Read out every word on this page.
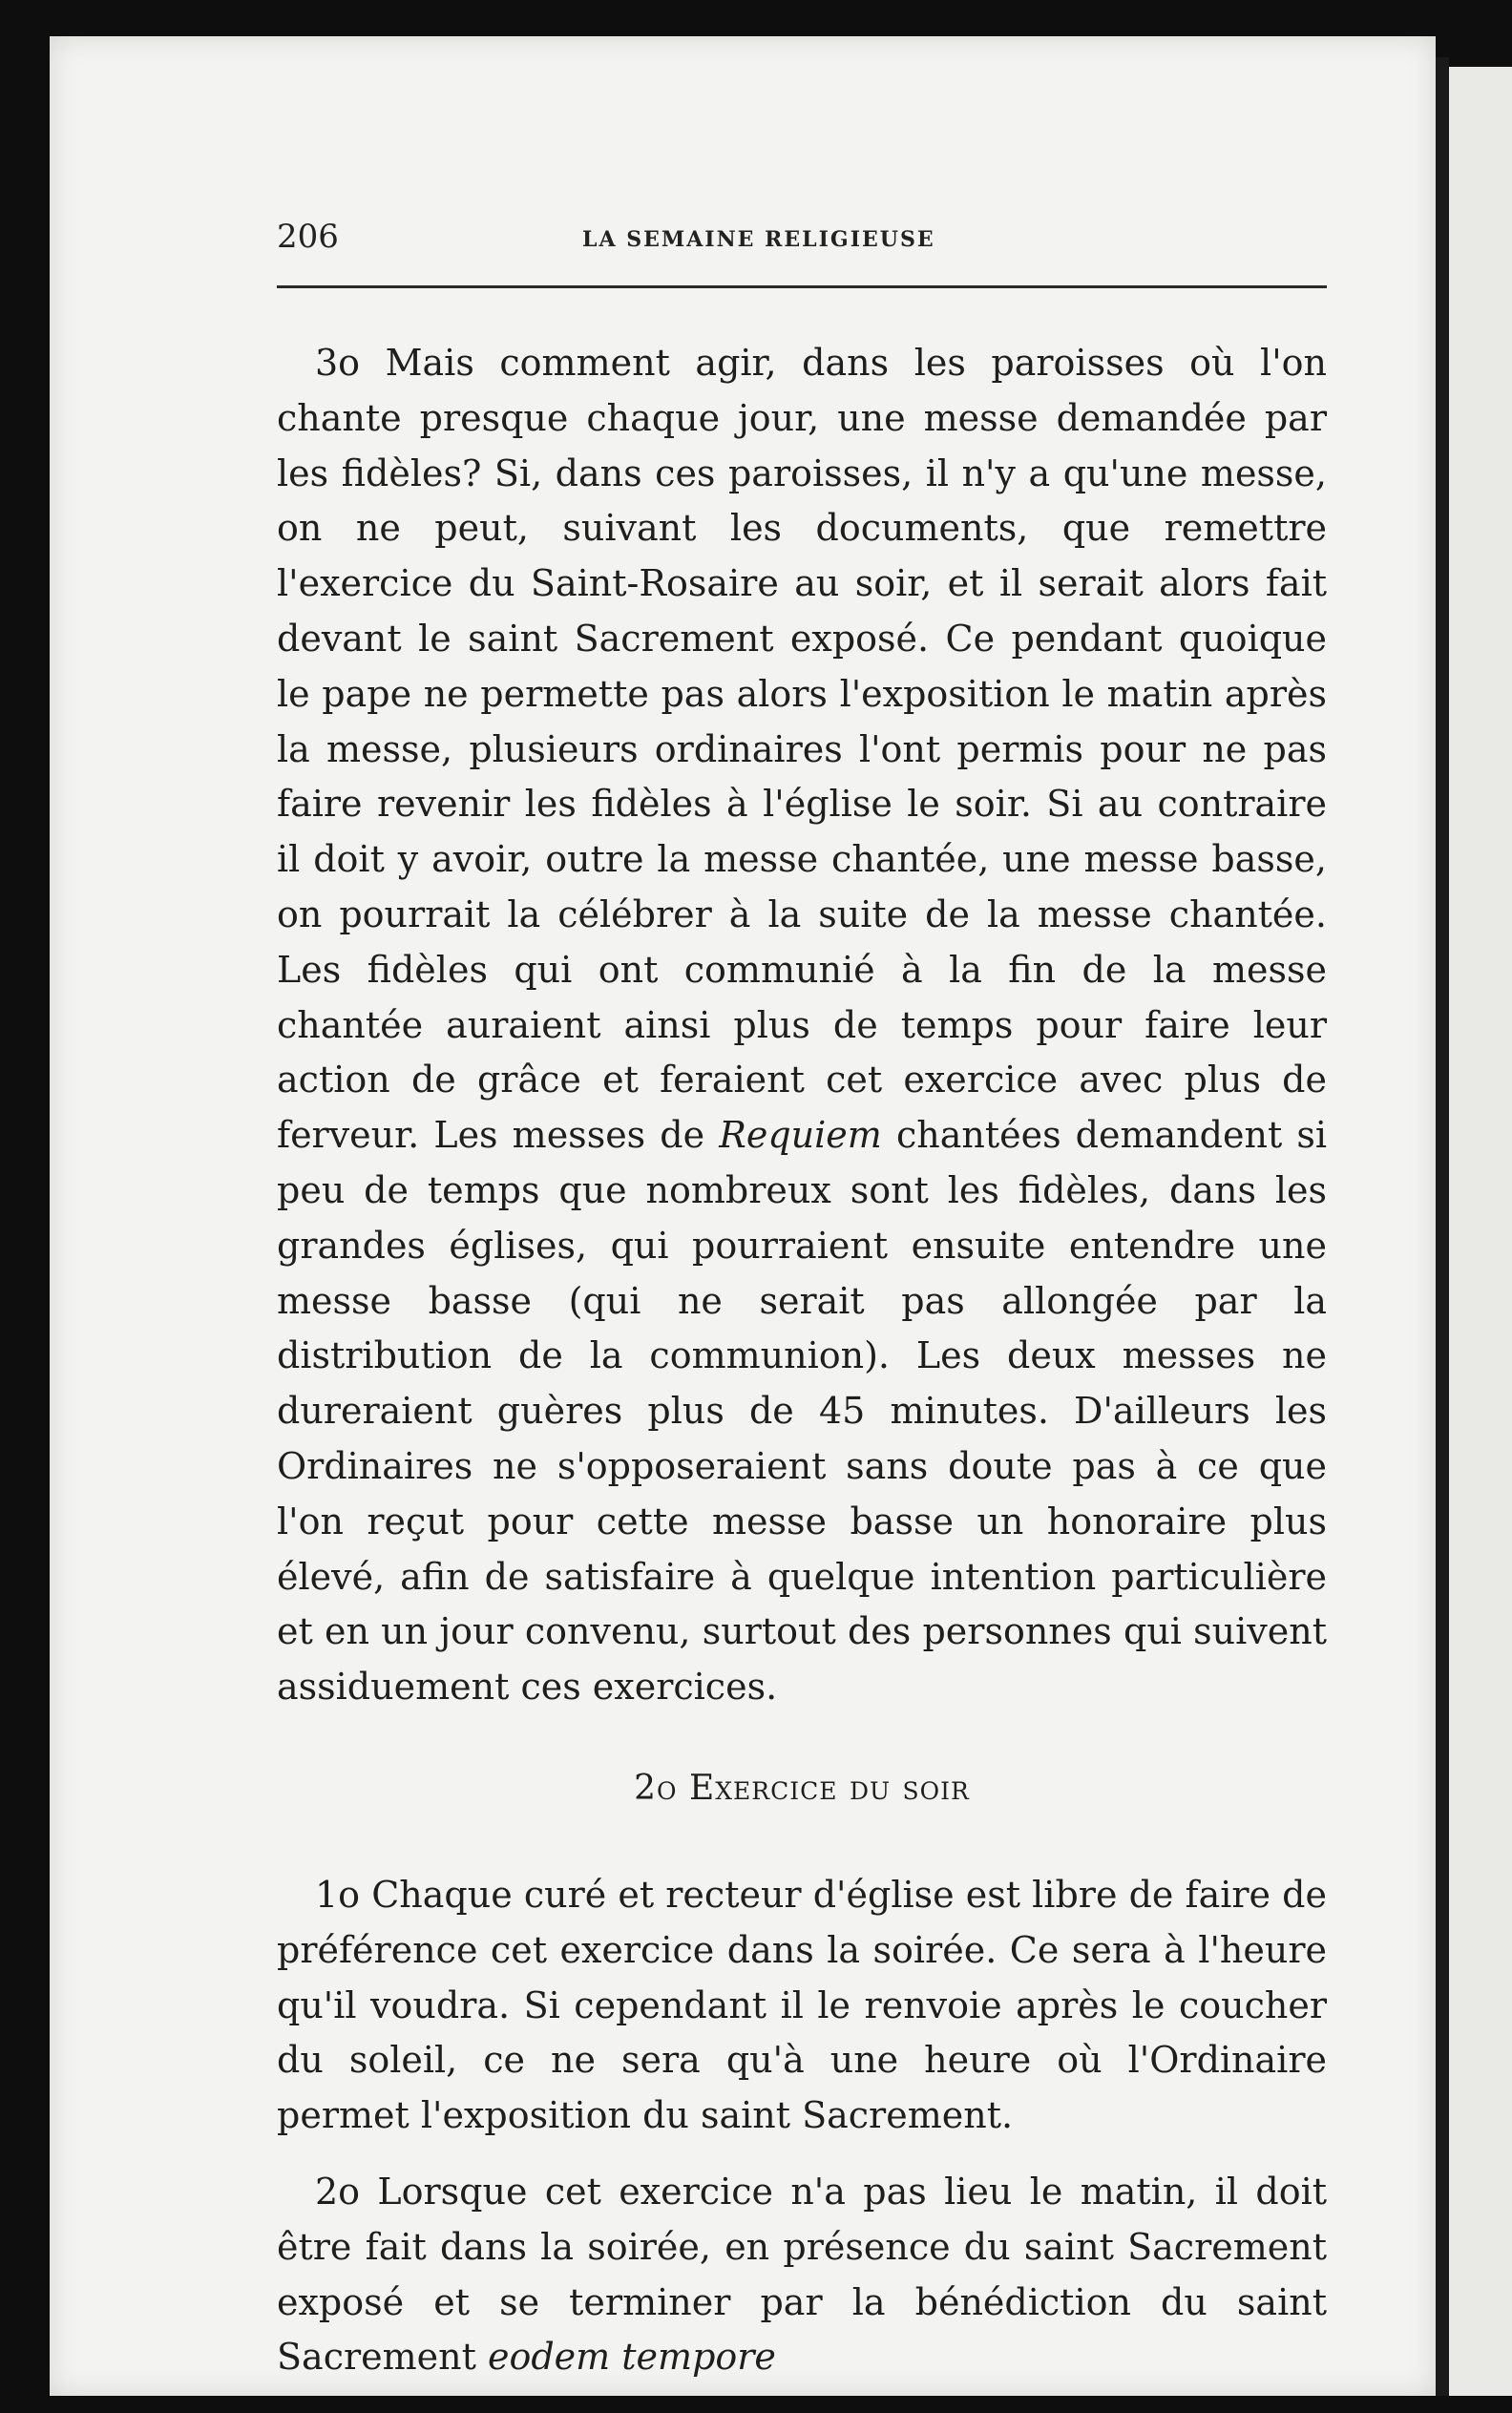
206	LA SEMAINE RELIGIEUSE

3o Mais comment agir, dans les paroisses où l'on chante presque chaque jour, une messe demandée par les fidèles? Si, dans ces paroisses, il n'y a qu'une messe, on ne peut, suivant les documents, que remettre l'exercice du Saint-Rosaire au soir, et il serait alors fait devant le saint Sacrement exposé. Ce pendant quoique le pape ne permette pas alors l'exposition le matin après la messe, plusieurs ordinaires l'ont permis pour ne pas faire revenir les fidèles à l'église le soir. Si au contraire il doit y avoir, outre la messe chantée, une messe basse, on pourrait la célébrer à la suite de la messe chantée. Les fidèles qui ont communié à la fin de la messe chantée auraient ainsi plus de temps pour faire leur action de grâce et feraient cet exercice avec plus de ferveur. Les messes de Requiem chantées demandent si peu de temps que nombreux sont les fidèles, dans les grandes églises, qui pourraient ensuite entendre une messe basse (qui ne serait pas allongée par la distribution de la communion). Les deux messes ne dureraient guères plus de 45 minutes. D'ailleurs les Ordinaires ne s'opposeraient sans doute pas à ce que l'on reçut pour cette messe basse un honoraire plus élevé, afin de satisfaire à quelque intention particulière et en un jour convenu, surtout des personnes qui suivent assiduement ces exercices.

2o Exercice du soir

1o Chaque curé et recteur d'église est libre de faire de préférence cet exercice dans la soirée. Ce sera à l'heure qu'il voudra. Si cependant il le renvoie après le coucher du soleil, ce ne sera qu'à une heure où l'Ordinaire permet l'exposition du saint Sacrement.

2o Lorsque cet exercice n'a pas lieu le matin, il doit être fait dans la soirée, en présence du saint Sacrement exposé et se terminer par la bénédiction du saint Sacrement eodem tempore
